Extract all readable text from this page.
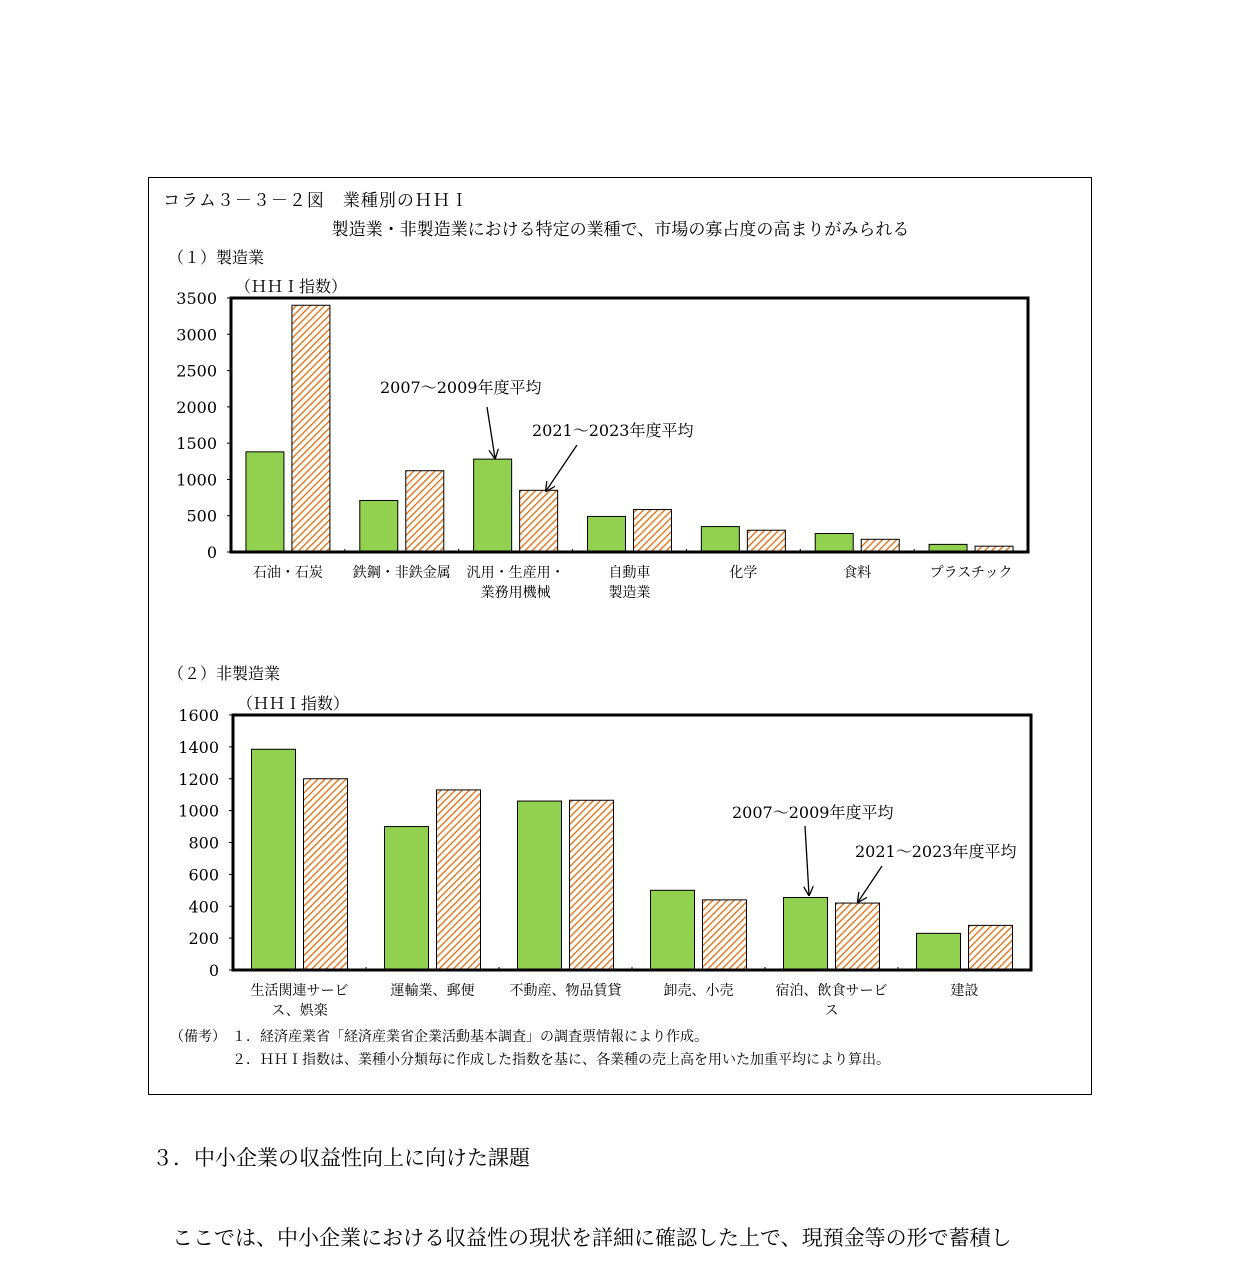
コラム３－３－２図　業種別のＨＨＩ
製造業・非製造業における特定の業種で、市場の寡占度の高まりがみられる
（１）製造業
（ＨＨＩ指数）
0
500
1000
1500
2000
2500
3000
3500
石油・石炭 鉄鋼・非鉄金属 汎用・生産用・
業務用機械
自動車
製造業
化学	食料	プラスチック
2007～2009年度平均
2021～2023年度平均
（２）非製造業
（ＨＨＩ指数）
0
200
400
600
800
1000
1200
1400
1600
生活関連サービ
ス、娯楽
運輸業、郵便	不動産、物品賃貸	卸売、小売	宿泊、飲食サービ
ス
建設
2007～2009年度平均
2021～2023年度平均
（備考） １．経済産業省「経済産業省企業活動基本調査」の調査票情報により作成。
２．ＨＨＩ指数は、業種小分類毎に作成した指数を基に、各業種の売上高を用いた加重平均により算出。
３．中小企業の収益性向上に向けた課題
ここでは、中小企業における収益性の現状を詳細に確認した上で、現預金等の形で蓄積し
